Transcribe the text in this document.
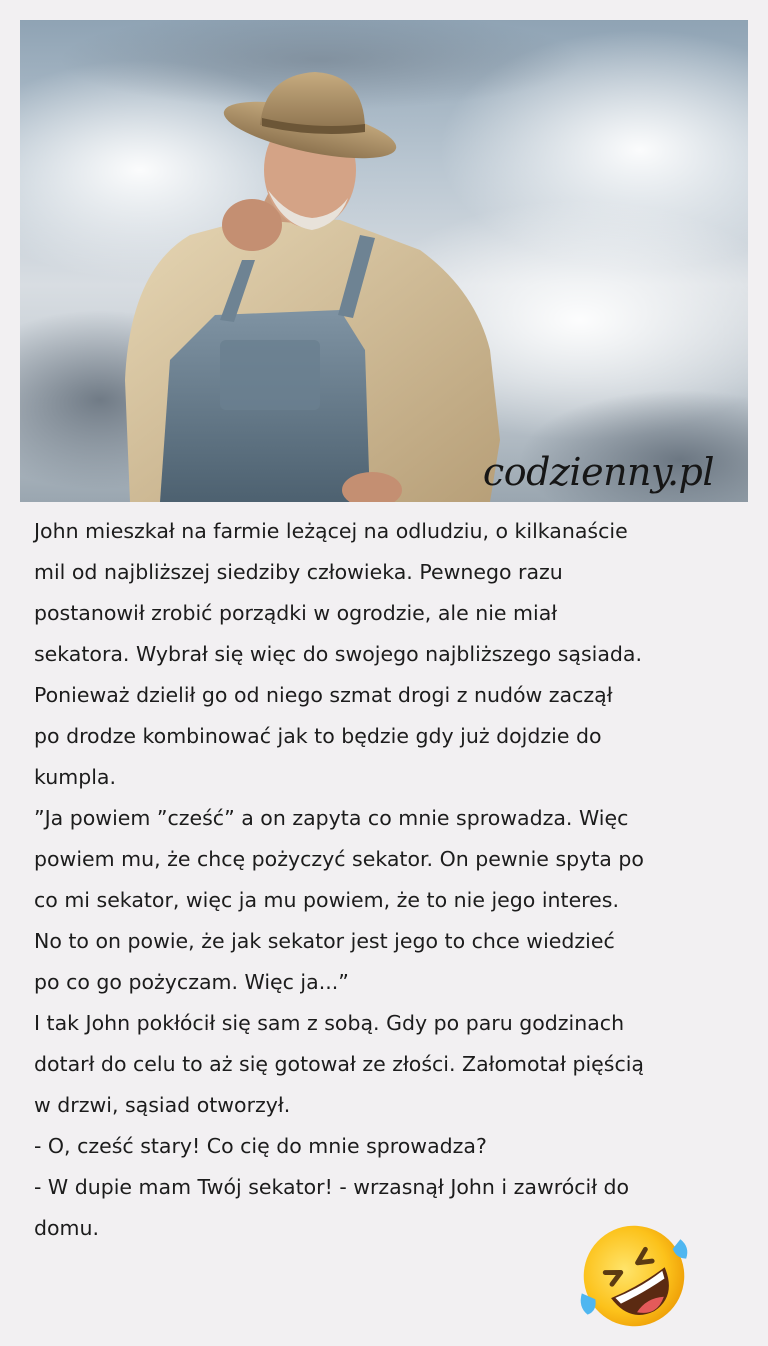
codzienny.pl

John mieszkał na farmie leżącej na odludziu, o kilkanaście

mil od najbliższej siedziby człowieka. Pewnego razu

postanowił zrobić porządki w ogrodzie, ale nie miał

sekatora. Wybrał się więc do swojego najbliższego sąsiada.

Ponieważ dzielił go od niego szmat drogi z nudów zaczął

po drodze kombinować jak to będzie gdy już dojdzie do

kumpla.

”Ja powiem ”cześć” a on zapyta co mnie sprowadza. Więc

powiem mu, że chcę pożyczyć sekator. On pewnie spyta po

co mi sekator, więc ja mu powiem, że to nie jego interes.

No to on powie, że jak sekator jest jego to chce wiedzieć

po co go pożyczam. Więc ja...”

I tak John pokłócił się sam z sobą. Gdy po paru godzinach

dotarł do celu to aż się gotował ze złości. Załomotał pięścią

w drzwi, sąsiad otworzył.

- O, cześć stary! Co cię do mnie sprowadza?

- W dupie mam Twój sekator! - wrzasnął John i zawrócił do

domu.
